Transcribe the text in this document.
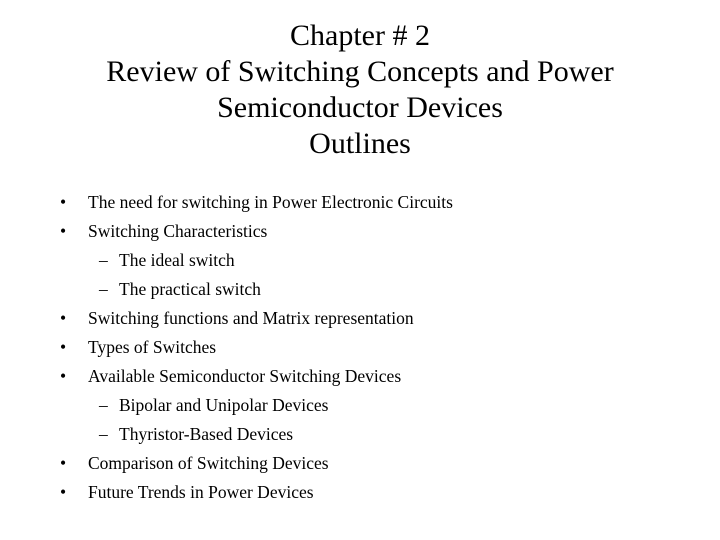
Chapter # 2
Review of Switching Concepts and Power
Semiconductor Devices
Outlines
• The need for switching in Power Electronic Circuits
• Switching Characteristics
– The ideal switch
– The practical switch
• Switching functions and Matrix representation
• Types of Switches
• Available Semiconductor Switching Devices
– Bipolar and Unipolar Devices
– Thyristor-Based Devices
• Comparison of Switching Devices
• Future Trends in Power Devices
